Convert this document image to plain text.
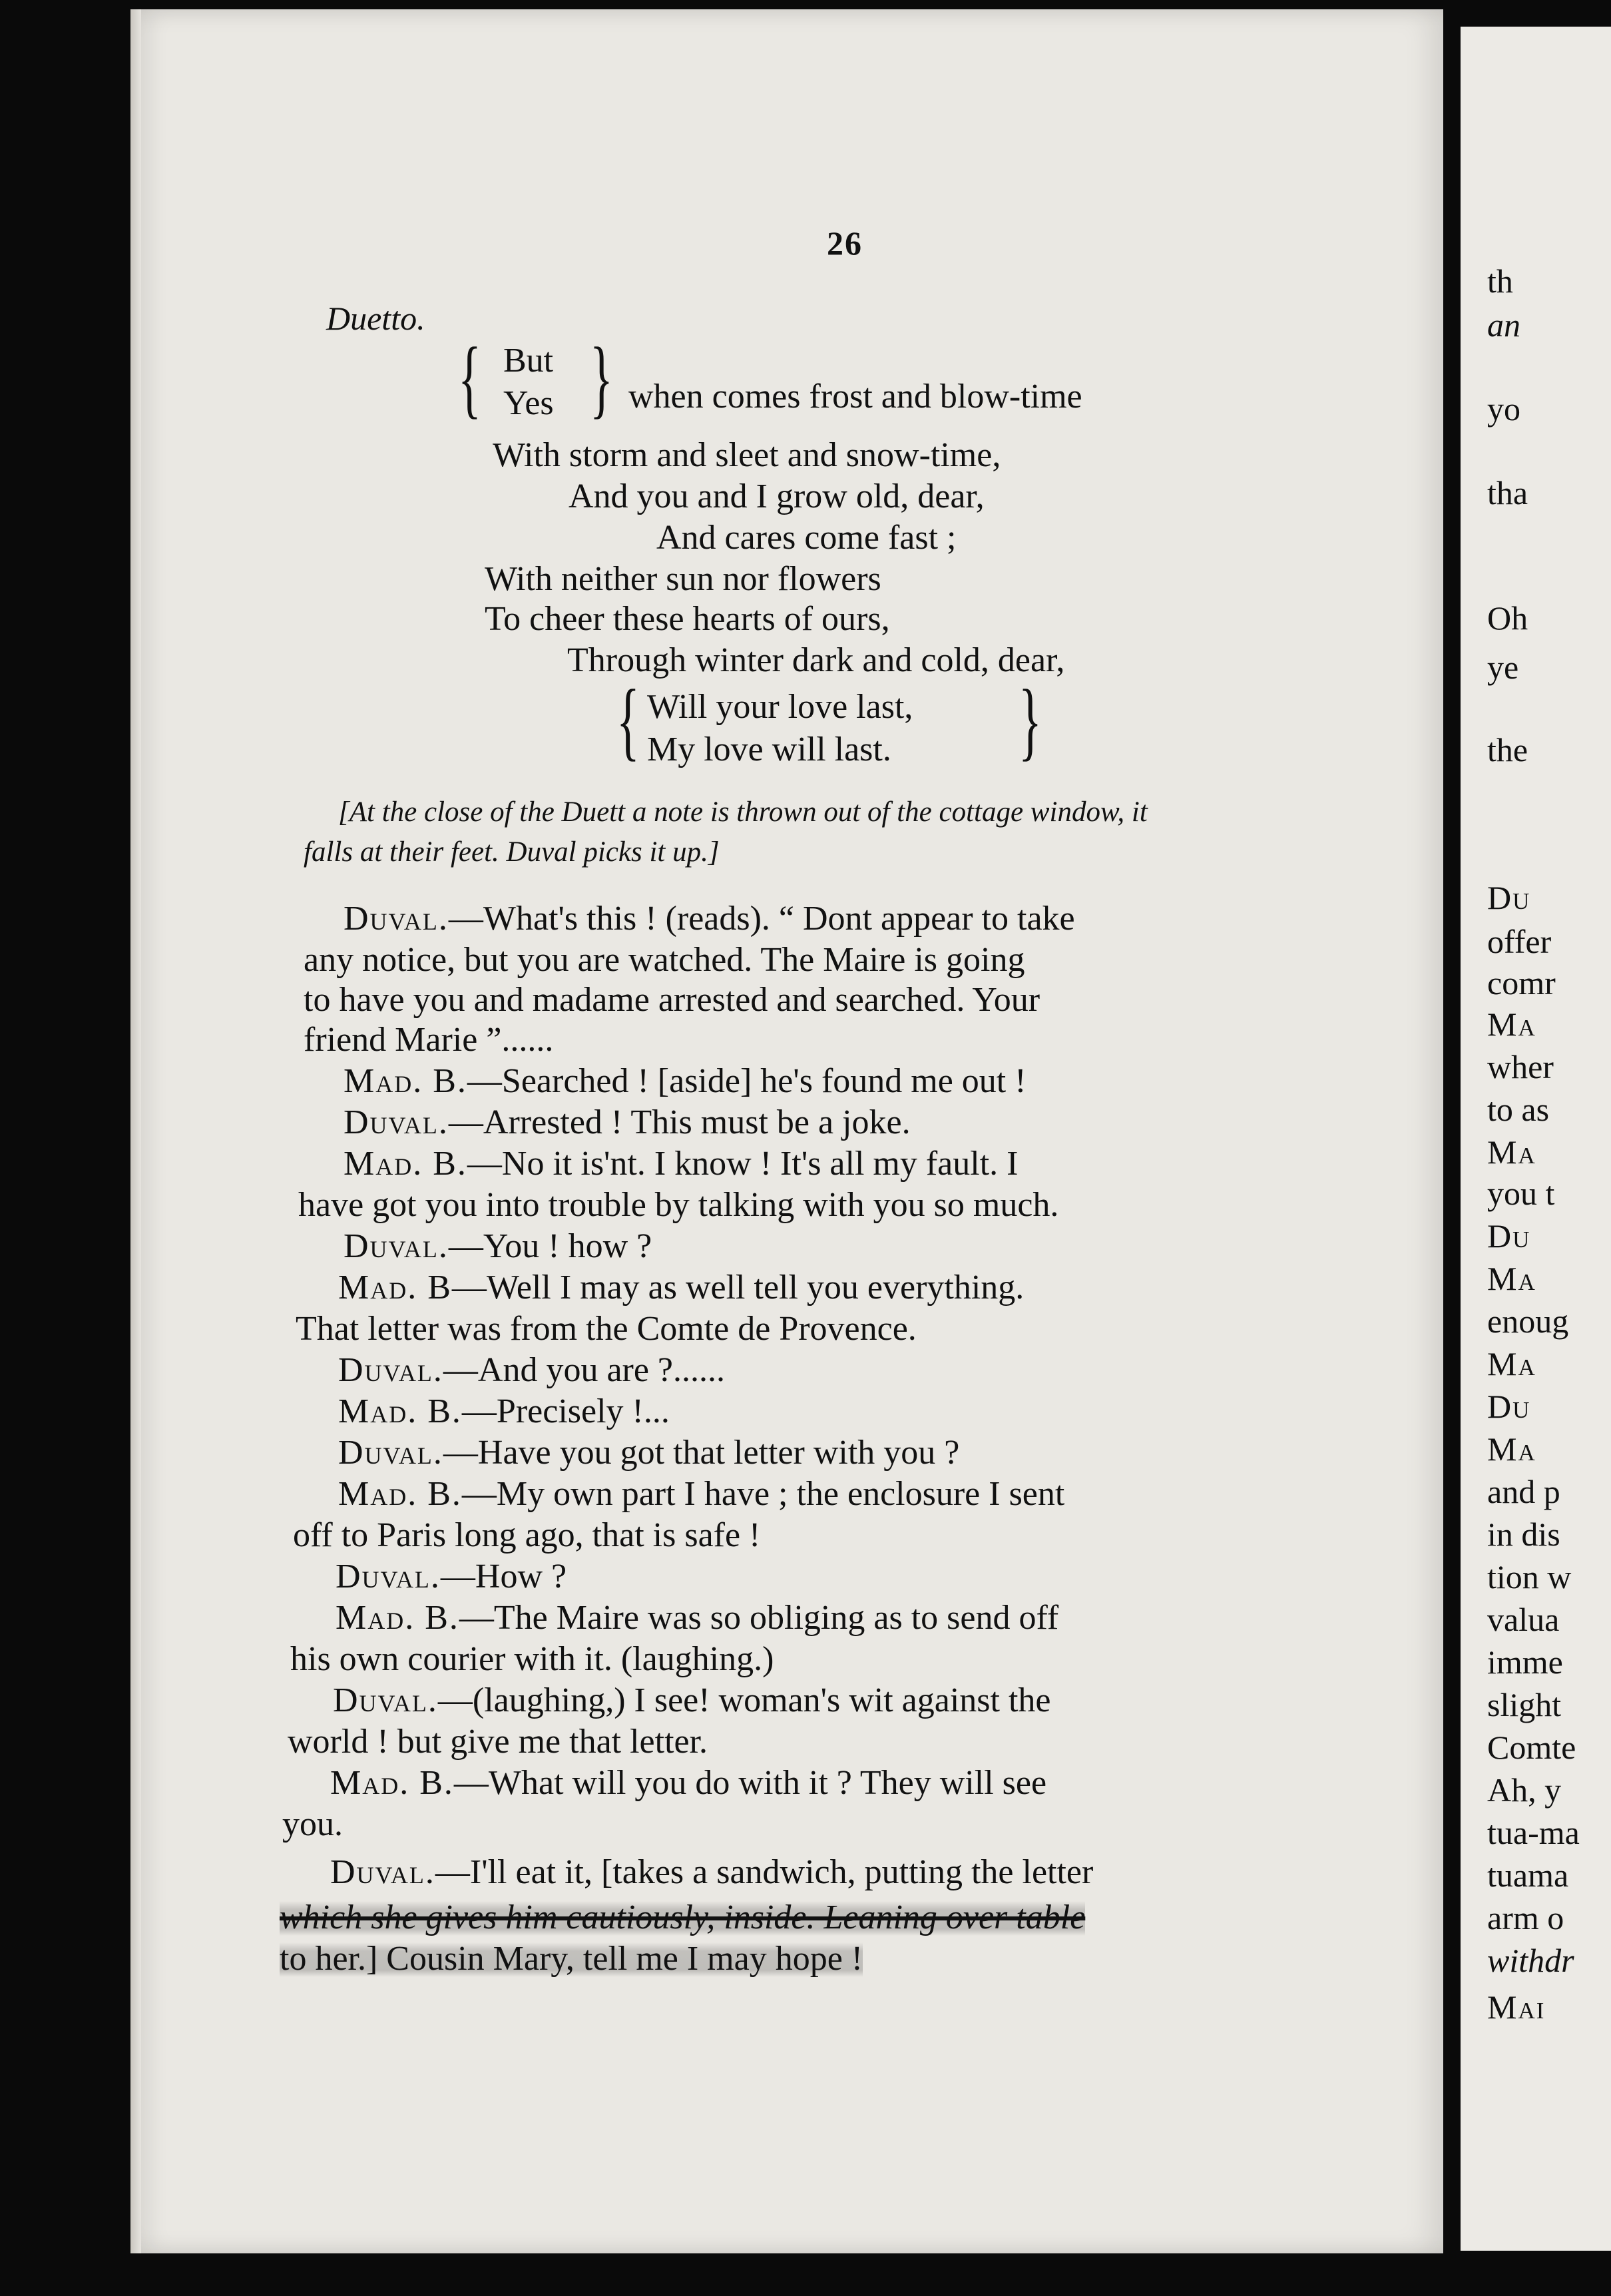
26
Duetto.
{ But
Yes } when comes frost and blow-time
With storm and sleet and snow-time,
And you and I grow old, dear,
And cares come fast ;
With neither sun nor flowers
To cheer these hearts of ours,
Through winter dark and cold, dear,
{ Will your love last,
My love will last. }
[At the close of the Duett a note is thrown out of the cottage window, it
falls at their feet. Duval picks it up.]
Duval.—What's this ! (reads). “ Dont appear to take
any notice, but you are watched. The Maire is going
to have you and madame arrested and searched. Your
friend Marie ”......
Mad. B.—Searched ! [aside] he's found me out !
Duval.—Arrested ! This must be a joke.
Mad. B.—No it is'nt. I know ! It's all my fault. I
have got you into trouble by talking with you so much.
Duval.—You ! how ?
Mad. B—Well I may as well tell you everything.
That letter was from the Comte de Provence.
Duval.—And you are ?......
Mad. B.—Precisely !...
Duval.—Have you got that letter with you ?
Mad. B.—My own part I have ; the enclosure I sent
off to Paris long ago, that is safe !
Duval.—How ?
Mad. B.—The Maire was so obliging as to send off
his own courier with it. (laughing.)
Duval.—(laughing,) I see! woman's wit against the
world ! but give me that letter.
Mad. B.—What will you do with it ? They will see
you.
Duval.—I'll eat it, [takes a sandwich, putting the letter
which she gives him cautiously, inside. Leaning over table
to her.] Cousin Mary, tell me I may hope !
th
an
yo
tha
Oh
ye
the
Du
offer
comr
Ma
wher
to as
Ma
you t
Du
Ma
enoug
Ma
Du
Ma
and p
in dis
tion w
valua
imme
slight
Comte
Ah, y
tua-ma
tuama
arm o
withdr
Mai
